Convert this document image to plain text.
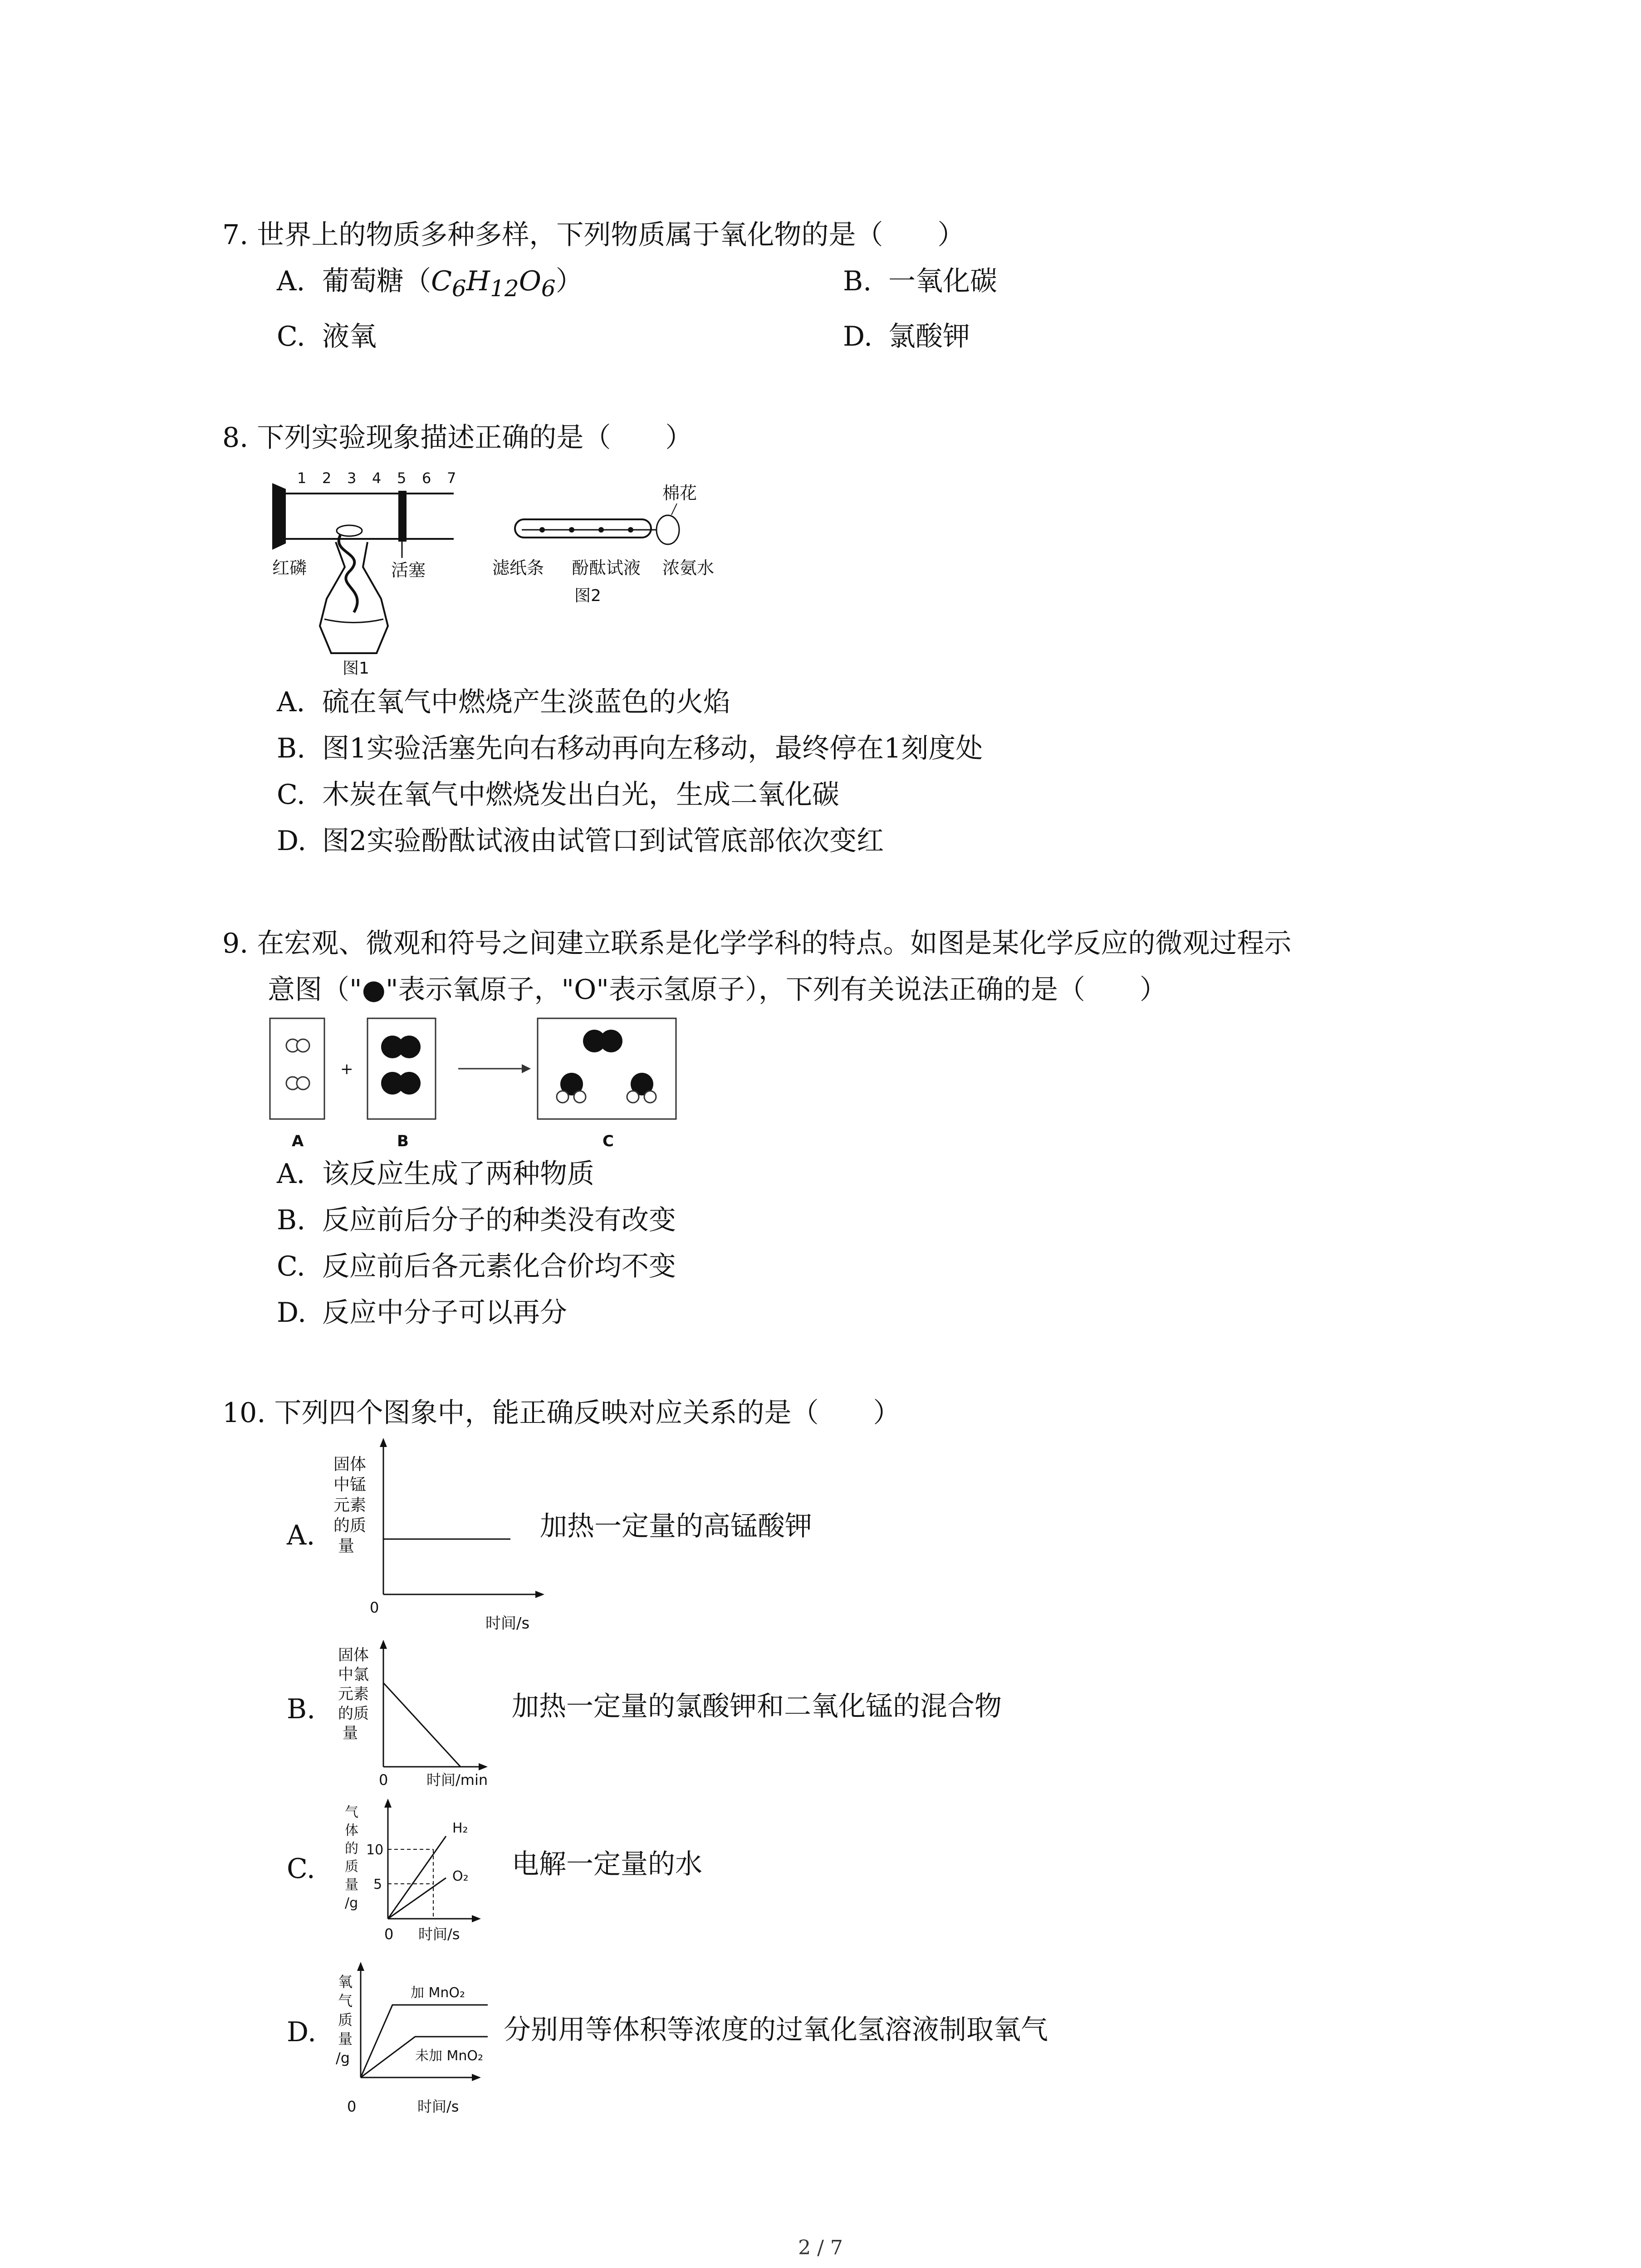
7. 世界上的物质多种多样，下列物质属于氧化物的是（　　）
A. 葡萄糖$(C_6H_{12}O_6)$	B. 一氧化碳
C. 液氧	D. 氯酸钾
8. 下列实验现象描述正确的是（　　）
1 2 3 4 5 6 7
红磷	活塞
图1
棉花
滤纸条 酚酞试液 浓氨水
图2
A. 硫在氧气中燃烧产生淡蓝色的火焰
B. 图1实验活塞先向右移动再向左移动，最终停在1刻度处
C. 木炭在氧气中燃烧发出白光，生成二氧化碳
D. 图2实验酚酞试液由试管口到试管底部依次变红
9. 在宏观、微观和符号之间建立联系是化学学科的特点。如图是某化学反应的微观过程示
意图（"●"表示氧原子，"O"表示氢原子），下列有关说法正确的是（　　）
+
A	B	C
A. 该反应生成了两种物质
B. 反应前后分子的种类没有改变
C. 反应前后各元素化合价均不变
D. 反应中分子可以再分
10. 下列四个图象中，能正确反映对应关系的是（　　）
A.
固体
中锰
元素
的质
量
0
时间/s
加热一定量的高锰酸钾
B.
固体
中氯
元素
的质
量
0	时间/min
加热一定量的氯酸钾和二氧化锰的混合物
C.
气
体
的
质
量
/g
10
5
H₂
O₂
0 时间/s
电解一定量的水
D.
氧
气
质
量
/g
加 MnO₂
未加 MnO₂
0	时间/s
分别用等体积等浓度的过氧化氢溶液制取氧气
2 / 7
